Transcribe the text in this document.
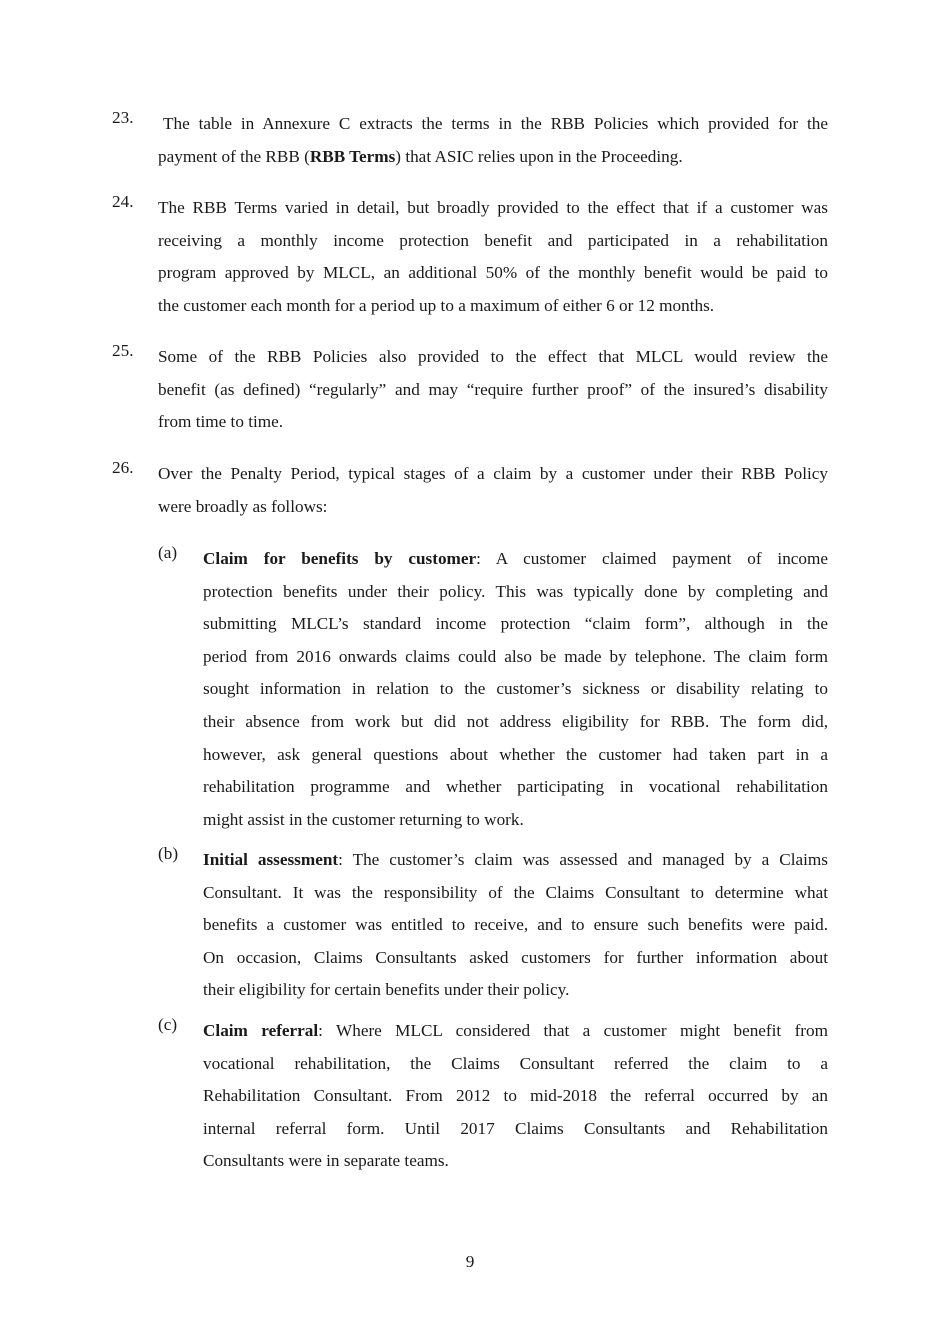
23. The table in Annexure C extracts the terms in the RBB Policies which provided for the
payment of the RBB (RBB Terms) that ASIC relies upon in the Proceeding.
24. The RBB Terms varied in detail, but broadly provided to the effect that if a customer was
receiving a monthly income protection benefit and participated in a rehabilitation
program approved by MLCL, an additional 50% of the monthly benefit would be paid to
the customer each month for a period up to a maximum of either 6 or 12 months.
25. Some of the RBB Policies also provided to the effect that MLCL would review the
benefit (as defined) “regularly” and may “require further proof” of the insured’s disability
from time to time.
26. Over the Penalty Period, typical stages of a claim by a customer under their RBB Policy
were broadly as follows:
(a) Claim for benefits by customer: A customer claimed payment of income
protection benefits under their policy. This was typically done by completing and
submitting MLCL’s standard income protection “claim form”, although in the
period from 2016 onwards claims could also be made by telephone. The claim form
sought information in relation to the customer’s sickness or disability relating to
their absence from work but did not address eligibility for RBB. The form did,
however, ask general questions about whether the customer had taken part in a
rehabilitation programme and whether participating in vocational rehabilitation
might assist in the customer returning to work.
(b) Initial assessment: The customer’s claim was assessed and managed by a Claims
Consultant. It was the responsibility of the Claims Consultant to determine what
benefits a customer was entitled to receive, and to ensure such benefits were paid.
On occasion, Claims Consultants asked customers for further information about
their eligibility for certain benefits under their policy.
(c) Claim referral: Where MLCL considered that a customer might benefit from
vocational rehabilitation, the Claims Consultant referred the claim to a
Rehabilitation Consultant. From 2012 to mid-2018 the referral occurred by an
internal referral form. Until 2017 Claims Consultants and Rehabilitation
Consultants were in separate teams.
9
